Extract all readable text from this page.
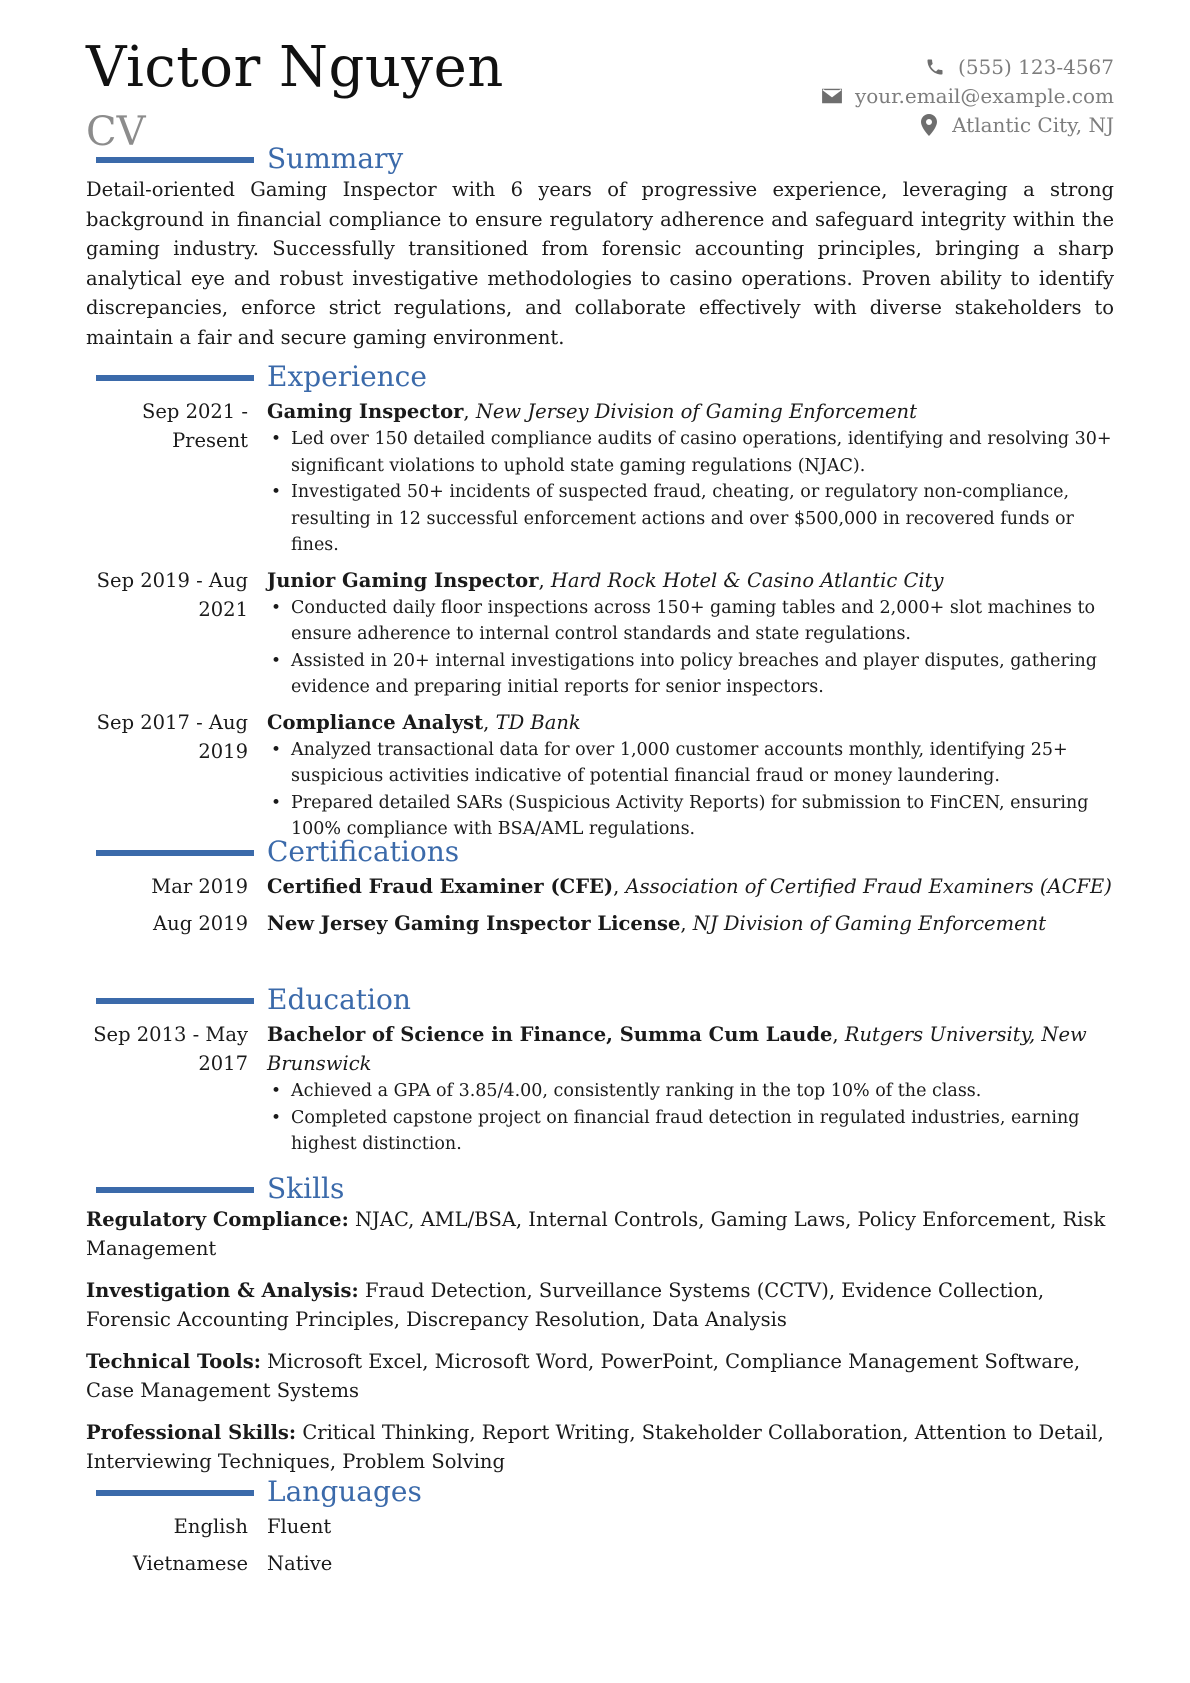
Victor Nguyen
CV
(555) 123-4567
your.email@example.com
Atlantic City, NJ
Summary

Detail-oriented Gaming Inspector with 6 years of progressive experience, leveraging a strong background in financial compliance to ensure regulatory adherence and safeguard integrity within the gaming industry. Successfully transitioned from forensic accounting principles, bringing a sharp analytical eye and robust investigative methodologies to casino operations. Proven ability to identify discrepancies, enforce strict regulations, and collaborate effectively with diverse stakeholders to maintain a fair and secure gaming environment.

Experience
Sep 2021 - Present
Gaming Inspector, New Jersey Division of Gaming Enforcement
• Led over 150 detailed compliance audits of casino operations, identifying and resolving 30+ significant violations to uphold state gaming regulations (NJAC).
• Investigated 50+ incidents of suspected fraud, cheating, or regulatory non-compliance, resulting in 12 successful enforcement actions and over $500,000 in recovered funds or fines.
Sep 2019 - Aug 2021
Junior Gaming Inspector, Hard Rock Hotel & Casino Atlantic City
• Conducted daily floor inspections across 150+ gaming tables and 2,000+ slot machines to ensure adherence to internal control standards and state regulations.
• Assisted in 20+ internal investigations into policy breaches and player disputes, gathering evidence and preparing initial reports for senior inspectors.
Sep 2017 - Aug 2019
Compliance Analyst, TD Bank
• Analyzed transactional data for over 1,000 customer accounts monthly, identifying 25+ suspicious activities indicative of potential financial fraud or money laundering.
• Prepared detailed SARs (Suspicious Activity Reports) for submission to FinCEN, ensuring 100% compliance with BSA/AML regulations.
Certifications
Mar 2019 Certified Fraud Examiner (CFE), Association of Certified Fraud Examiners (ACFE)
Aug 2019 New Jersey Gaming Inspector License, NJ Division of Gaming Enforcement
Education
Sep 2013 - May 2017
Bachelor of Science in Finance, Summa Cum Laude, Rutgers University, New Brunswick
• Achieved a GPA of 3.85/4.00, consistently ranking in the top 10% of the class.
• Completed capstone project on financial fraud detection in regulated industries, earning highest distinction.
Skills

Regulatory Compliance: NJAC, AML/BSA, Internal Controls, Gaming Laws, Policy Enforcement, Risk Management

Investigation & Analysis: Fraud Detection, Surveillance Systems (CCTV), Evidence Collection, Forensic Accounting Principles, Discrepancy Resolution, Data Analysis

Technical Tools: Microsoft Excel, Microsoft Word, PowerPoint, Compliance Management Software, Case Management Systems

Professional Skills: Critical Thinking, Report Writing, Stakeholder Collaboration, Attention to Detail, Interviewing Techniques, Problem Solving

Languages
English Fluent
Vietnamese Native
